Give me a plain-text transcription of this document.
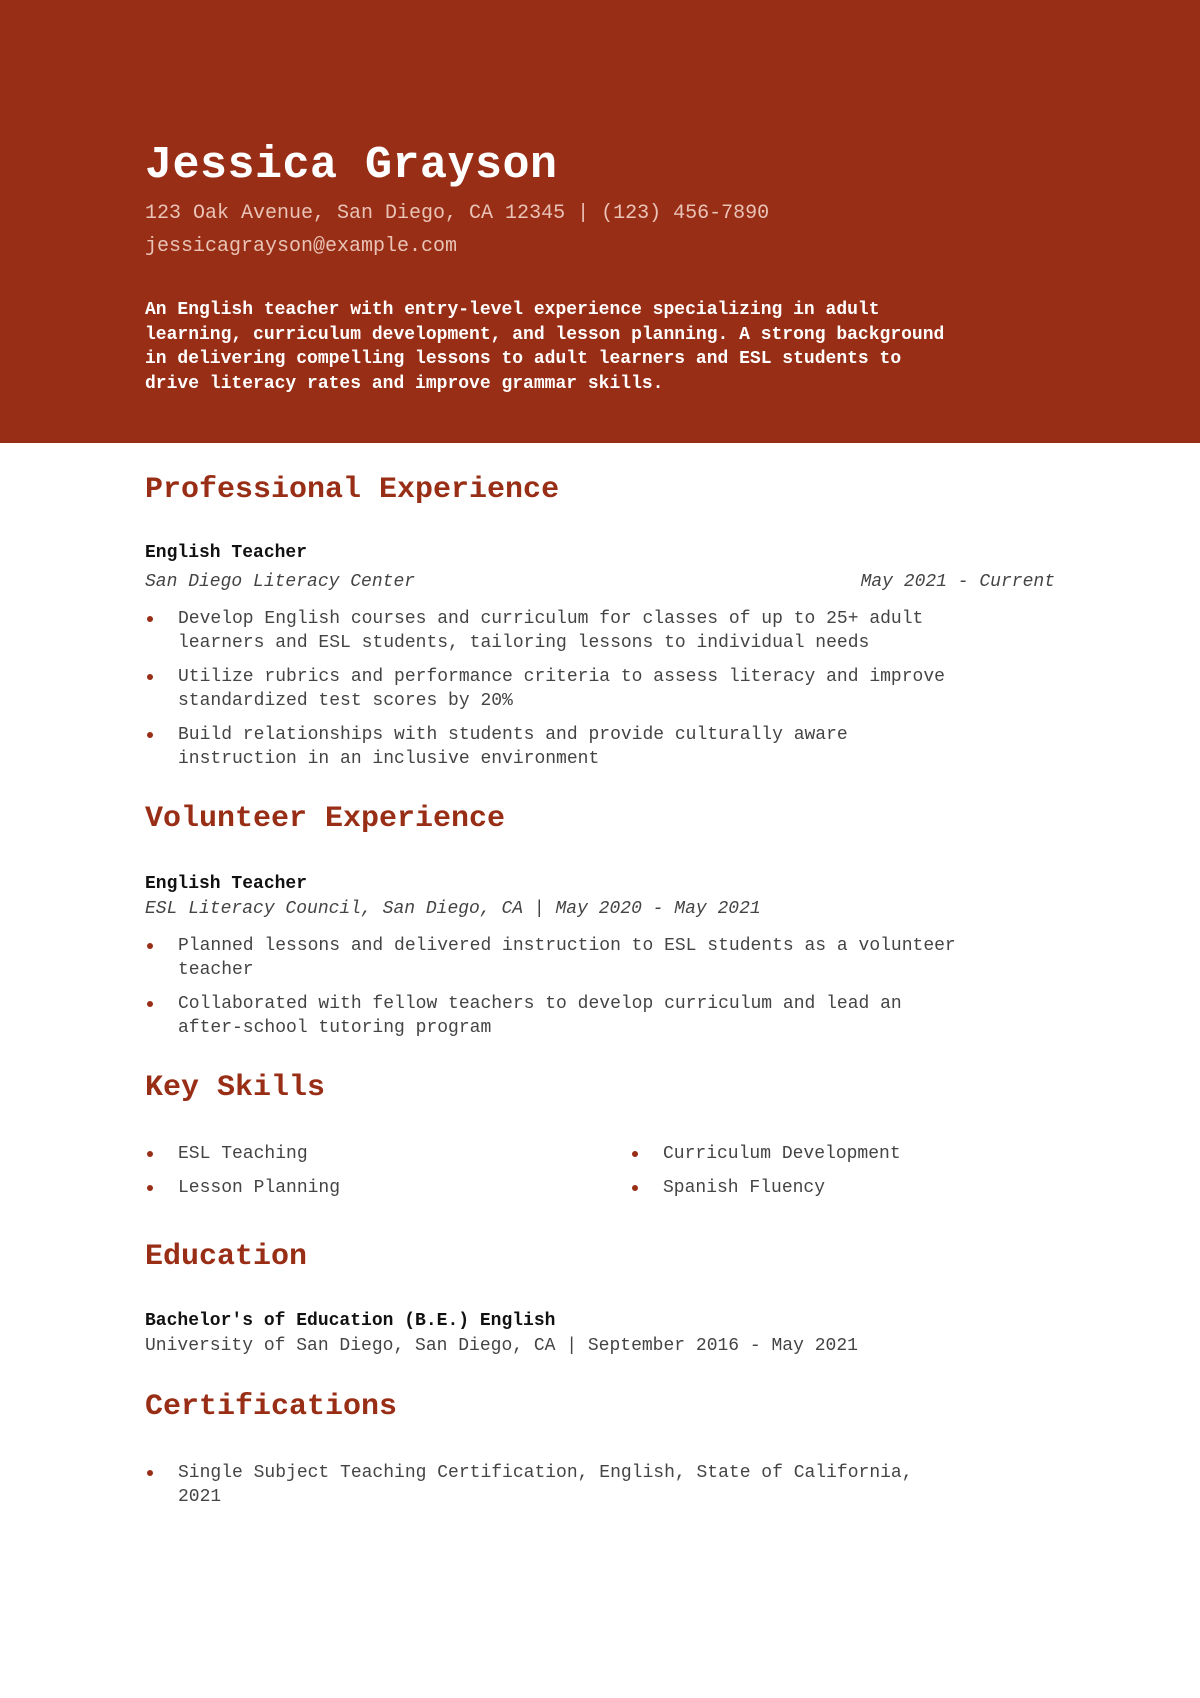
Jessica Grayson
123 Oak Avenue, San Diego, CA 12345 | (123) 456-7890
jessicagrayson@example.com
An English teacher with entry-level experience specializing in adult
learning, curriculum development, and lesson planning. A strong background
in delivering compelling lessons to adult learners and ESL students to
drive literacy rates and improve grammar skills.
Professional Experience
English Teacher
San Diego Literacy Center	May 2021 - Current
Develop English courses and curriculum for classes of up to 25+ adult
learners and ESL students, tailoring lessons to individual needs
Utilize rubrics and performance criteria to assess literacy and improve
standardized test scores by 20%
Build relationships with students and provide culturally aware
instruction in an inclusive environment
Volunteer Experience
English Teacher
ESL Literacy Council, San Diego, CA | May 2020 - May 2021
Planned lessons and delivered instruction to ESL students as a volunteer
teacher
Collaborated with fellow teachers to develop curriculum and lead an
after-school tutoring program
Key Skills
ESL Teaching	Curriculum Development
Lesson Planning	Spanish Fluency
Education
Bachelor's of Education (B.E.) English
University of San Diego, San Diego, CA | September 2016 - May 2021
Certifications
Single Subject Teaching Certification, English, State of California,
2021
